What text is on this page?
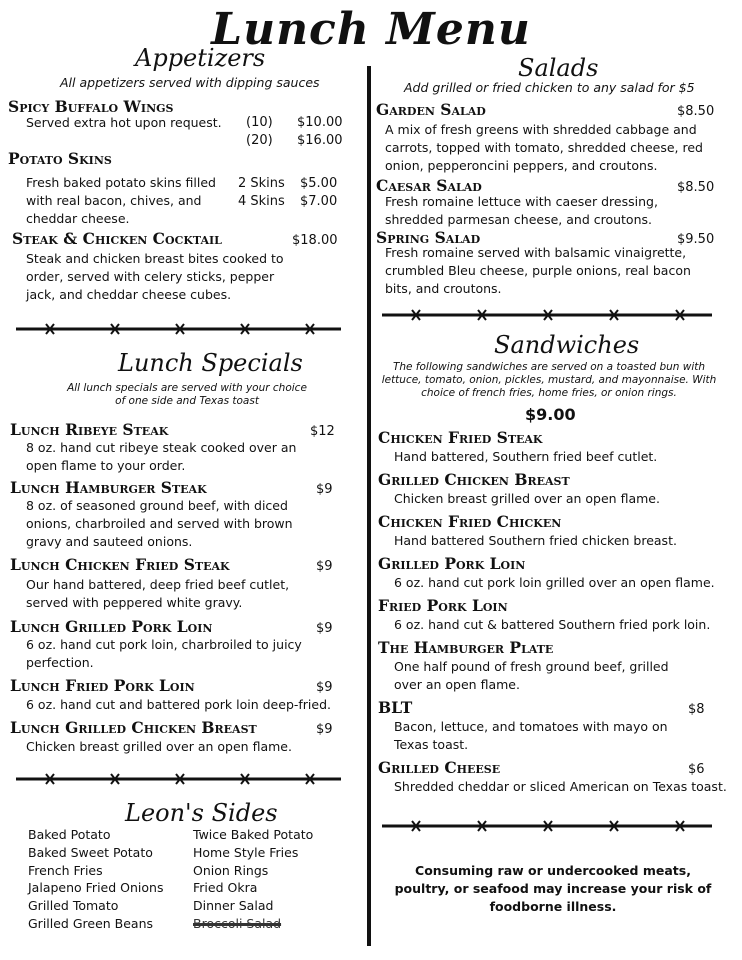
Lunch Menu
Appetizers
All appetizers served with dipping sauces
Spicy Buffalo Wings
Served extra hot upon request. (10) $10.00
(20) $16.00
Potato Skins
Fresh baked potato skins filled with real bacon, chives, and cheddar cheese.
2 Skins $5.00
4 Skins $7.00
Steak & Chicken Cocktail	$18.00
Steak and chicken breast bites cooked to order, served with celery sticks, pepper jack, and cheddar cheese cubes.
Lunch Specials
All lunch specials are served with your choice of one side and Texas toast
Lunch Ribeye Steak	$12
8 oz. hand cut ribeye steak cooked over an open flame to your order.
Lunch Hamburger Steak	$9
8 oz. of seasoned ground beef, with diced onions, charbroiled and served with brown gravy and sauteed onions.
Lunch Chicken Fried Steak	$9
Our hand battered, deep fried beef cutlet, served with peppered white gravy.
Lunch Grilled Pork Loin	$9
6 oz. hand cut pork loin, charbroiled to juicy perfection.
Lunch Fried Pork Loin	$9
6 oz. hand cut and battered pork loin deep-fried.
Lunch Grilled Chicken Breast	$9
Chicken breast grilled over an open flame.
Leon's Sides
Baked Potato
Baked Sweet Potato
French Fries
Jalapeno Fried Onions
Grilled Tomato
Grilled Green Beans
Twice Baked Potato
Home Style Fries
Onion Rings
Fried Okra
Dinner Salad
Broccoli Salad
Salads
Add grilled or fried chicken to any salad for $5
Garden Salad	$8.50
A mix of fresh greens with shredded cabbage and carrots, topped with tomato, shredded cheese, red onion, pepperoncini peppers, and croutons.
Caesar Salad	$8.50
Fresh romaine lettuce with caeser dressing, shredded parmesan cheese, and croutons.
Spring Salad	$9.50
Fresh romaine served with balsamic vinaigrette, crumbled Bleu cheese, purple onions, real bacon bits, and croutons.
Sandwiches
The following sandwiches are served on a toasted bun with lettuce, tomato, onion, pickles, mustard, and mayonnaise. With choice of french fries, home fries, or onion rings.
$9.00
Chicken Fried Steak
Hand battered, Southern fried beef cutlet.
Grilled Chicken Breast
Chicken breast grilled over an open flame.
Chicken Fried Chicken
Hand battered Southern fried chicken breast.
Grilled Pork Loin
6 oz. hand cut pork loin grilled over an open flame.
Fried Pork Loin
6 oz. hand cut & battered Southern fried pork loin.
The Hamburger Plate
One half pound of fresh ground beef, grilled over an open flame.
BLT	$8
Bacon, lettuce, and tomatoes with mayo on Texas toast.
Grilled Cheese	$6
Shredded cheddar or sliced American on Texas toast.
Consuming raw or undercooked meats, poultry, or seafood may increase your risk of foodborne illness.
